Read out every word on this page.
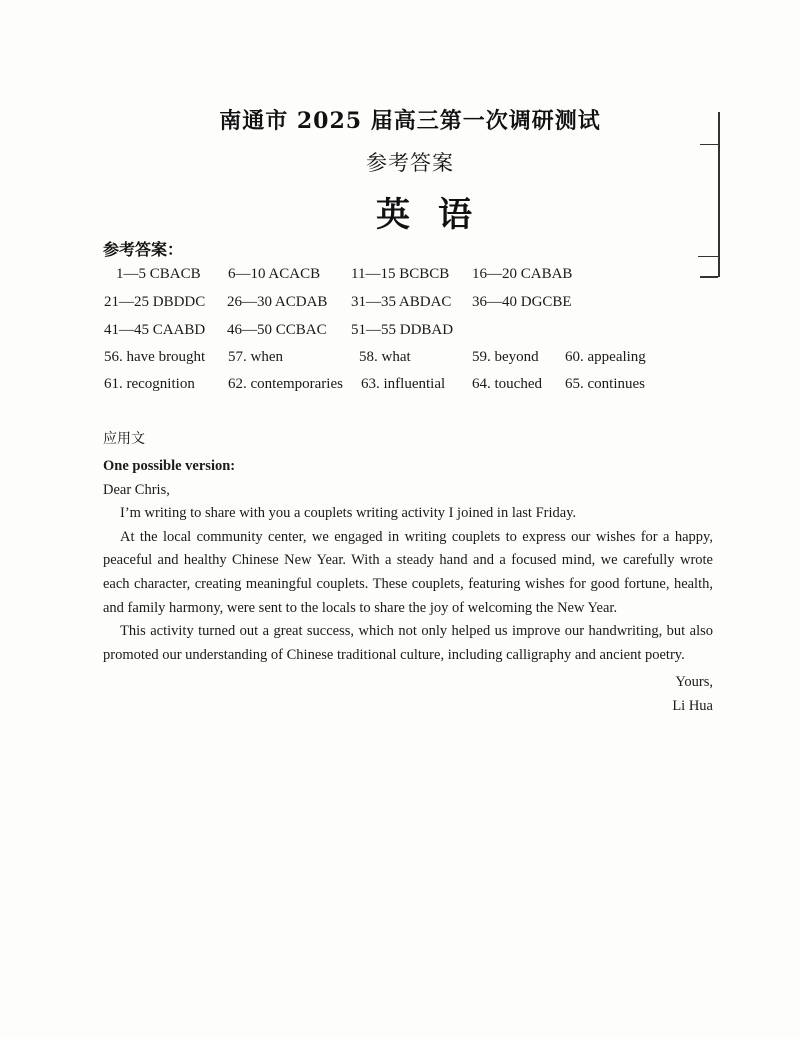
南通市 2025 届高三第一次调研测试
参考答案
英语
参考答案：
1—5 CBACB 6—10 ACACB 11—15 BCBCB 16—20 CABAB
21—25 DBDDC 26—30 ACDAB 31—35 ABDAC 36—40 DGCBE
41—45 CAABD 46—50 CCBAC 51—55 DDBAD
56. have brought 57. when	58. what	59. beyond 60. appealing
61. recognition 62. contemporaries 63. influential 64. touched 65. continues
应用文

One possible version:

Dear Chris,

I’m writing to share with you a couplets writing activity I joined in last Friday.

At the local community center, we engaged in writing couplets to express our wishes for a happy, peaceful and healthy Chinese New Year. With a steady hand and a focused mind, we carefully wrote each character, creating meaningful couplets. These couplets, featuring wishes for good fortune, health, and family harmony, were sent to the locals to share the joy of welcoming the New Year.

This activity turned out a great success, which not only helped us improve our handwriting, but also promoted our understanding of Chinese traditional culture, including calligraphy and ancient poetry.

Yours,

Li Hua
